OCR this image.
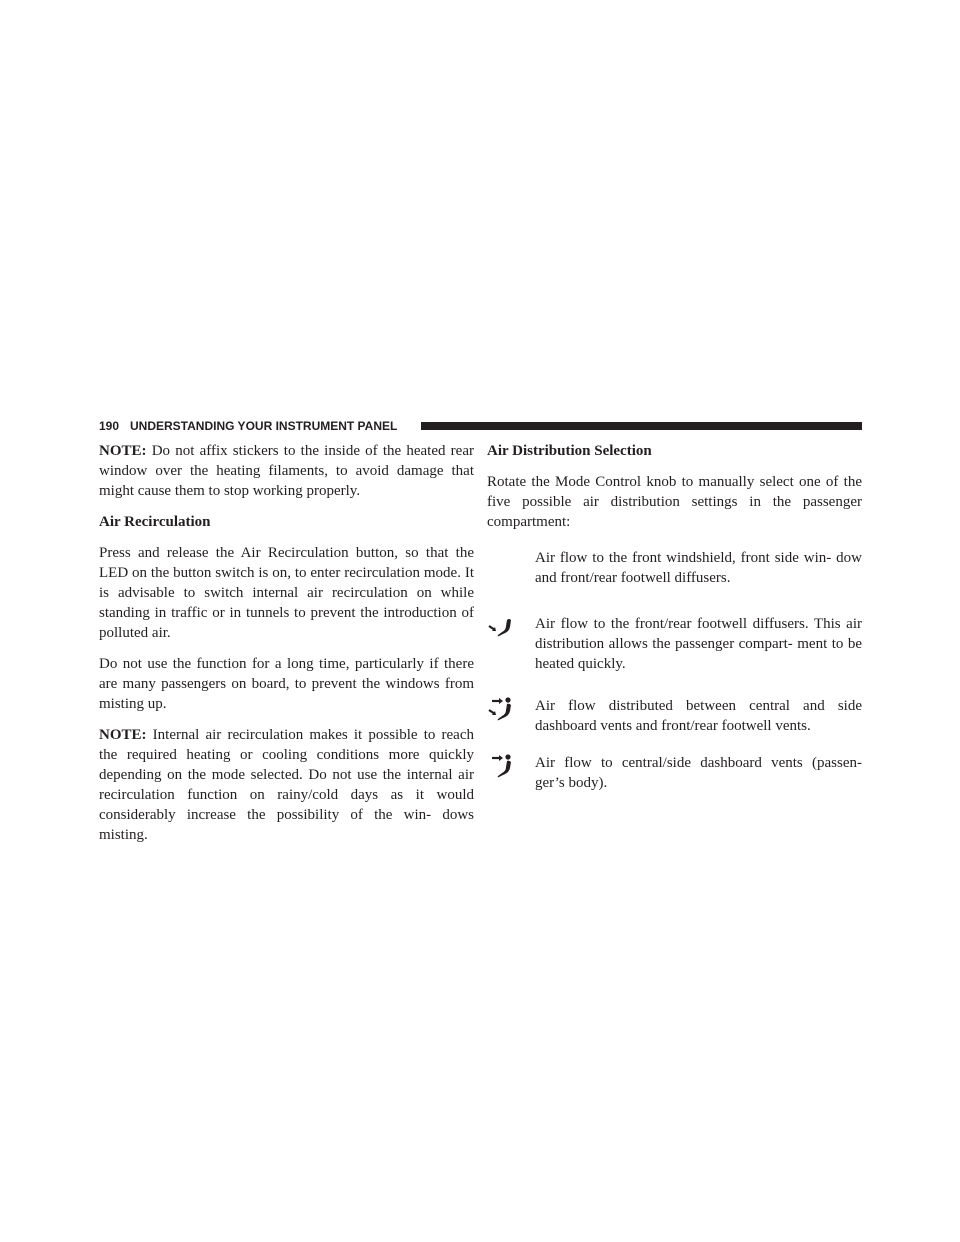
190 UNDERSTANDING YOUR INSTRUMENT PANEL

NOTE: Do not affix stickers to the inside of the heated rear window over the heating filaments, to avoid damage that might cause them to stop working properly.

Air Recirculation

Press and release the Air Recirculation button, so that the LED on the button switch is on, to enter recirculation mode. It is advisable to switch internal air recirculation on while standing in traffic or in tunnels to prevent the introduction of polluted air.

Do not use the function for a long time, particularly if there are many passengers on board, to prevent the windows from misting up.

NOTE: Internal air recirculation makes it possible to reach the required heating or cooling conditions more quickly depending on the mode selected. Do not use the internal air recirculation function on rainy/cold days as it would considerably increase the possibility of the win- dows misting.

Air Distribution Selection

Rotate the Mode Control knob to manually select one of the five possible air distribution settings in the passenger compartment:

Air flow to the front windshield, front side win- dow and front/rear footwell diffusers.

Air flow to the front/rear footwell diffusers. This air distribution allows the passenger compart- ment to be heated quickly.

Air flow distributed between central and side dashboard vents and front/rear footwell vents.

Air flow to central/side dashboard vents (passen- ger’s body).
